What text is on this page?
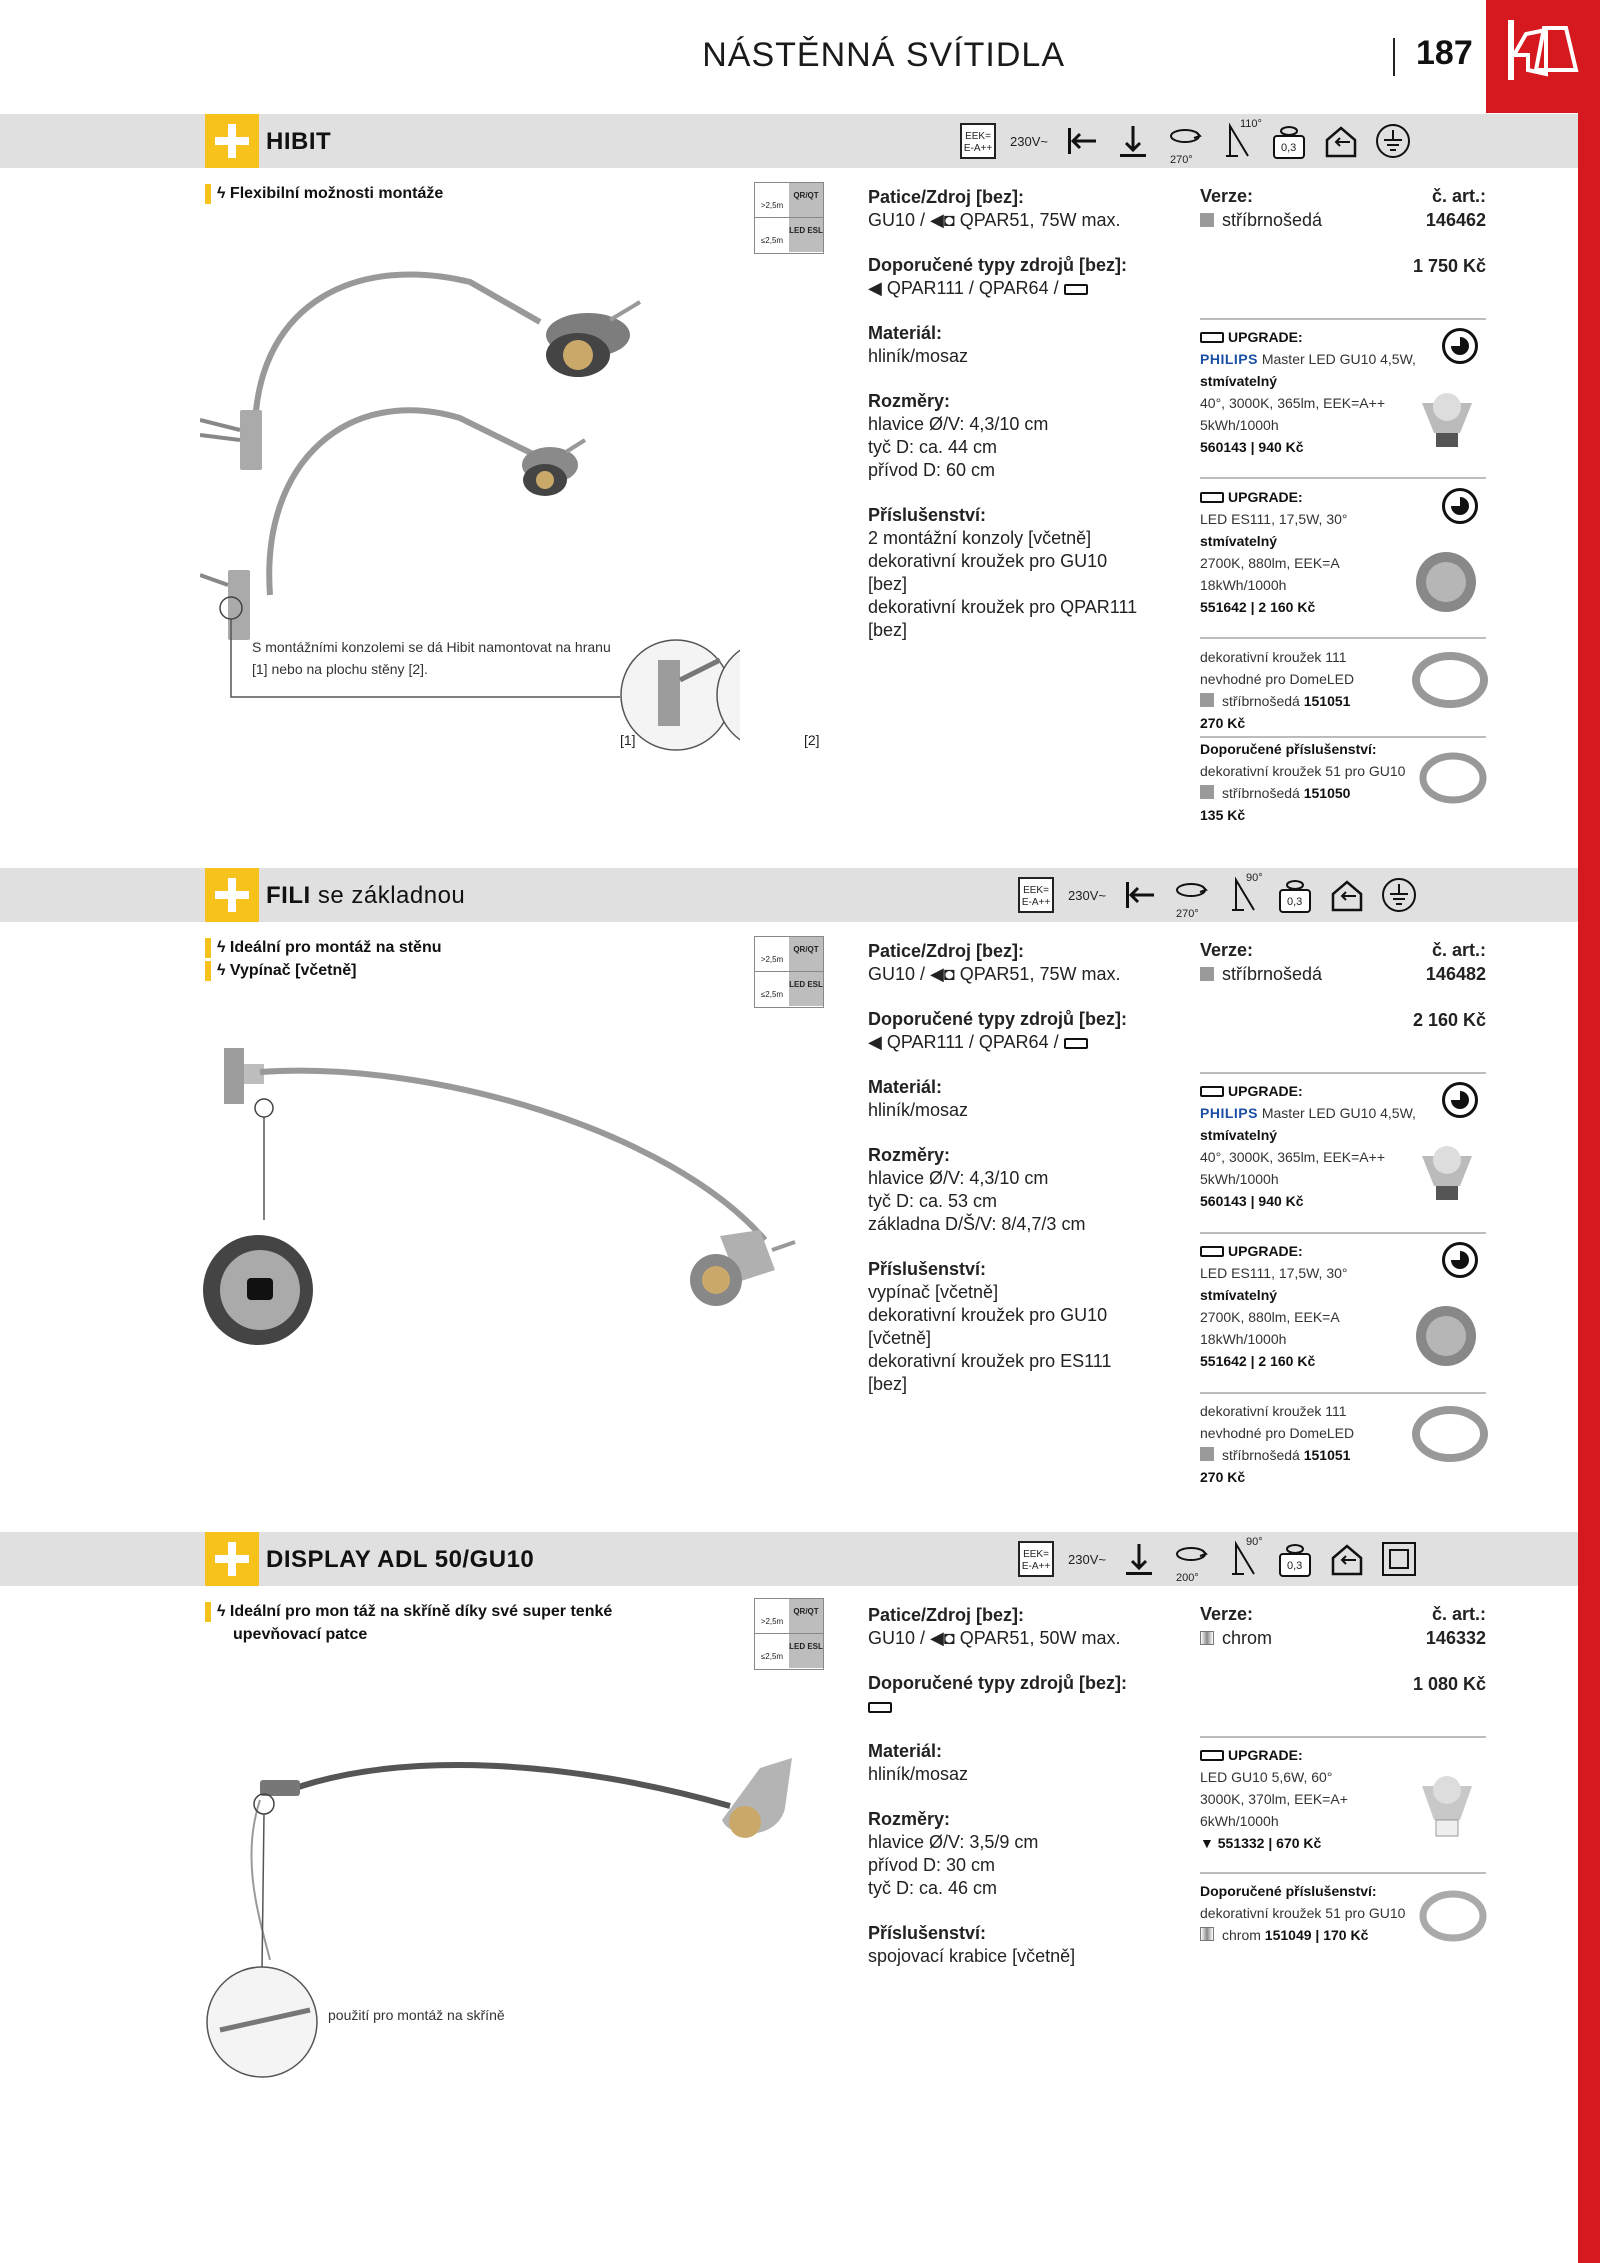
NÁSTĚNNÁ SVÍTIDLA	187
HIBIT	EEK= E-A++ 230V~
270°
110°
0,3
ϟ Flexibilní možnosti montáže
>2,5m
QR/QT
≤2,5m
LED ESL
S montážními konzolemi se dá Hibit namontovat na hranu [1] nebo na plochu stěny [2].
[1]	[2]
Patice/Zdroj [bez]:

GU10 / ◀◘ QPAR51, 75W max.

Doporučené typy zdrojů [bez]:

◀ QPAR111 / QPAR64 /

Materiál:

hliník/mosaz

Rozměry:

hlavice Ø/V: 4,3/10 cm
tyč D: ca. 44 cm
přívod D: 60 cm

Příslušenství:

2 montážní konzoly [včetně]
dekorativní kroužek pro GU10
[bez]
dekorativní kroužek pro QPAR111
[bez]

Verze:	č. art.:
stříbrnošedá	146462
1 750 Kč
UPGRADE:
PHILIPS Master LED GU10 4,5W,
stmívatelný
40°, 3000K, 365lm, EEK=A++
5kWh/1000h
560143 | 940 Kč
UPGRADE:
LED ES111, 17,5W, 30°
stmívatelný
2700K, 880lm, EEK=A
18kWh/1000h
551642 | 2 160 Kč
dekorativní kroužek 111
nevhodné pro DomeLED
stříbrnošedá 151051
270 Kč
Doporučené příslušenství:
dekorativní kroužek 51 pro GU10
stříbrnošedá 151050
135 Kč
FILI se základnou	EEK= E-A++ 230V~
270°
90°
0,3
ϟ Ideální pro montáž na stěnu
ϟ Vypínač [včetně]
>2,5m
QR/QT
≤2,5m
LED ESL
Patice/Zdroj [bez]:

GU10 / ◀◘ QPAR51, 75W max.

Doporučené typy zdrojů [bez]:

◀ QPAR111 / QPAR64 /

Materiál:

hliník/mosaz

Rozměry:

hlavice Ø/V: 4,3/10 cm
tyč D: ca. 53 cm
základna D/Š/V: 8/4,7/3 cm

Příslušenství:

vypínač [včetně]
dekorativní kroužek pro GU10
[včetně]
dekorativní kroužek pro ES111
[bez]

Verze:	č. art.:
stříbrnošedá	146482
2 160 Kč
UPGRADE:
PHILIPS Master LED GU10 4,5W,
stmívatelný
40°, 3000K, 365lm, EEK=A++
5kWh/1000h
560143 | 940 Kč
UPGRADE:
LED ES111, 17,5W, 30°
stmívatelný
2700K, 880lm, EEK=A
18kWh/1000h
551642 | 2 160 Kč
dekorativní kroužek 111
nevhodné pro DomeLED
stříbrnošedá 151051
270 Kč
DISPLAY ADL 50/GU10	EEK= E-A++ 230V~
200°
90°
0,3
ϟ Ideální pro mon táž na skříně díky své super tenké
upevňovací patce
>2,5m
QR/QT
≤2,5m
LED ESL
použití pro montáž na skříně
Patice/Zdroj [bez]:

GU10 / ◀◘ QPAR51, 50W max.

Doporučené typy zdrojů [bez]:

Materiál:

hliník/mosaz

Rozměry:

hlavice Ø/V: 3,5/9 cm
přívod D: 30 cm
tyč D: ca. 46 cm

Příslušenství:

spojovací krabice [včetně]

Verze:	č. art.:
chrom	146332
1 080 Kč
UPGRADE:
LED GU10 5,6W, 60°
3000K, 370lm, EEK=A+
6kWh/1000h
▼ 551332 | 670 Kč
Doporučené příslušenství:
dekorativní kroužek 51 pro GU10
chrom 151049 | 170 Kč
